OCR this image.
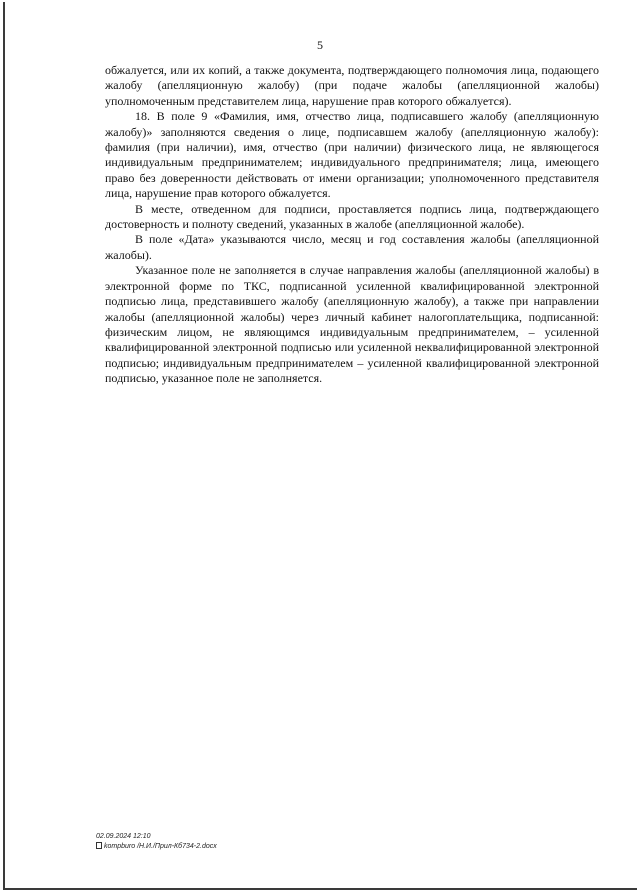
5

обжалуется, или их копий, а также документа, подтверждающего полномочия лица, подающего жалобу (апелляционную жалобу) (при подаче жалобы (апелляционной жалобы) уполномоченным представителем лица, нарушение прав которого обжалуется).

18. В поле 9 «Фамилия, имя, отчество лица, подписавшего жалобу (апелляционную жалобу)» заполняются сведения о лице, подписавшем жалобу (апелляционную жалобу): фамилия (при наличии), имя, отчество (при наличии) физического лица, не являющегося индивидуальным предпринимателем; индивидуального предпринимателя; лица, имеющего право без доверенности действовать от имени организации; уполномоченного представителя лица, нарушение прав которого обжалуется.

В месте, отведенном для подписи, проставляется подпись лица, подтверждающего достоверность и полноту сведений, указанных в жалобе (апелляционной жалобе).

В поле «Дата» указываются число, месяц и год составления жалобы (апелляционной жалобы).

Указанное поле не заполняется в случае направления жалобы (апелляционной жалобы) в электронной форме по ТКС, подписанной усиленной квалифицированной электронной подписью лица, представившего жалобу (апелляционную жалобу), а также при направлении жалобы (апелляционной жалобы) через личный кабинет налогоплательщика, подписанной: физическим лицом, не являющимся индивидуальным предпринимателем, – усиленной квалифицированной электронной подписью или усиленной неквалифицированной электронной подписью; индивидуальным предпринимателем – усиленной квалифицированной электронной подписью, указанное поле не заполняется.

02.09.2024 12:10
kompburo /Н.И./Прил-Кб734-2.docx
